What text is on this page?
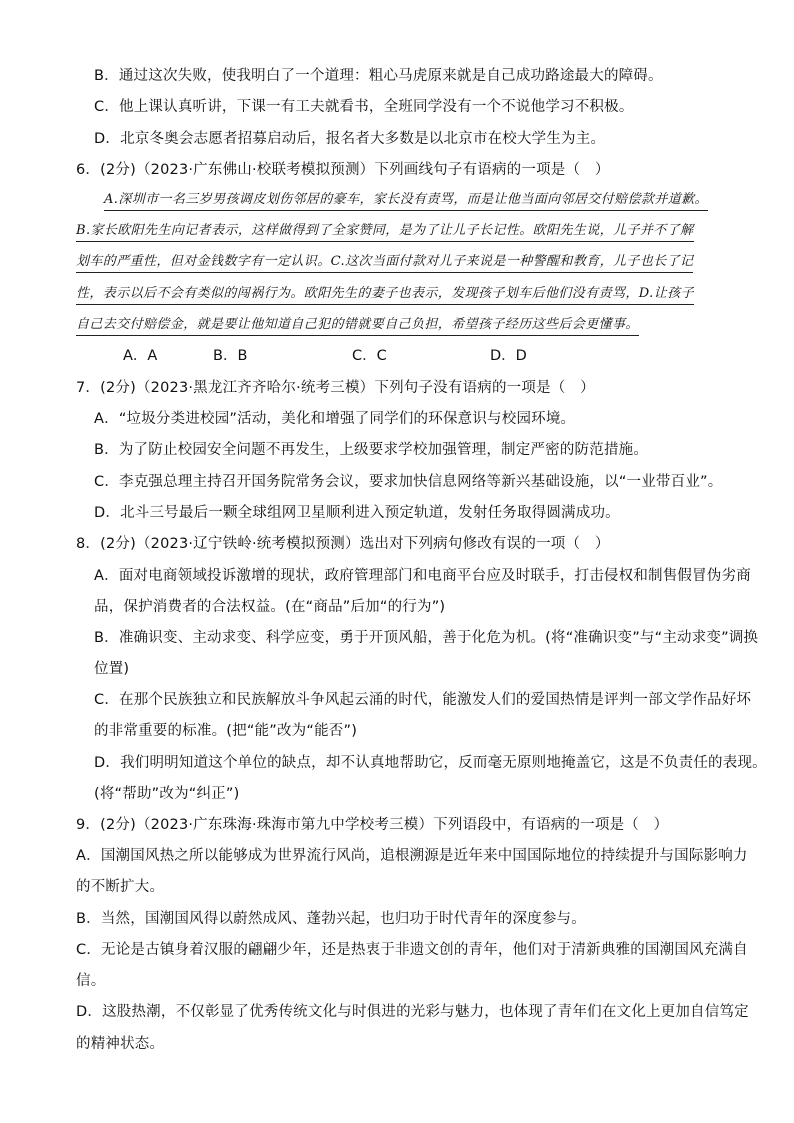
B．通过这次失败，使我明白了一个道理：粗心马虎原来就是自己成功路途最大的障碍。
C．他上课认真听讲，下课一有工夫就看书，全班同学没有一个不说他学习不积极。
D．北京冬奥会志愿者招募启动后，报名者大多数是以北京市在校大学生为主。
6．(2分)（2023·广东佛山·校联考模拟预测）下列画线句子有语病的一项是（　）
A.深圳市一名三岁男孩调皮划伤邻居的豪车，家长没有责骂，而是让他当面向邻居交付赔偿款并道歉。
B.家长欧阳先生向记者表示，这样做得到了全家赞同，是为了让儿子长记性。欧阳先生说，儿子并不了解
划车的严重性，但对金钱数字有一定认识。C.这次当面付款对儿子来说是一种警醒和教育，儿子也长了记
性，表示以后不会有类似的闯祸行为。欧阳先生的妻子也表示，发现孩子划车后他们没有责骂，D.让孩子
自己去交付赔偿金，就是要让他知道自己犯的错就要自己负担，希望孩子经历这些后会更懂事。
A．A	B．B	C．C	D．D
7．(2分)（2023·黑龙江齐齐哈尔·统考三模）下列句子没有语病的一项是（　）
A．“垃圾分类进校园”活动，美化和增强了同学们的环保意识与校园环境。
B．为了防止校园安全问题不再发生，上级要求学校加强管理，制定严密的防范措施。
C．李克强总理主持召开国务院常务会议，要求加快信息网络等新兴基础设施，以“一业带百业”。
D．北斗三号最后一颗全球组网卫星顺利进入预定轨道，发射任务取得圆满成功。
8．(2分)（2023·辽宁铁岭·统考模拟预测）选出对下列病句修改有误的一项（　）
A．面对电商领域投诉激增的现状，政府管理部门和电商平台应及时联手，打击侵权和制售假冒伪劣商
品，保护消费者的合法权益。(在“商品”后加“的行为”)
B．准确识变、主动求变、科学应变，勇于开顶风船，善于化危为机。(将“准确识变”与“主动求变”调换
位置)
C．在那个民族独立和民族解放斗争风起云涌的时代，能激发人们的爱国热情是评判一部文学作品好坏
的非常重要的标准。(把“能”改为“能否”)
D．我们明明知道这个单位的缺点，却不认真地帮助它，反而毫无原则地掩盖它，这是不负责任的表现。
(将“帮助”改为“纠正”)
9．(2分)（2023·广东珠海·珠海市第九中学校考三模）下列语段中，有语病的一项是（　）
A．国潮国风热之所以能够成为世界流行风尚，追根溯源是近年来中国国际地位的持续提升与国际影响力
的不断扩大。
B．当然，国潮国风得以蔚然成风、蓬勃兴起，也归功于时代青年的深度参与。
C．无论是古镇身着汉服的翩翩少年，还是热衷于非遗文创的青年，他们对于清新典雅的国潮国风充满自
信。
D．这股热潮，不仅彰显了优秀传统文化与时俱进的光彩与魅力，也体现了青年们在文化上更加自信笃定
的精神状态。
